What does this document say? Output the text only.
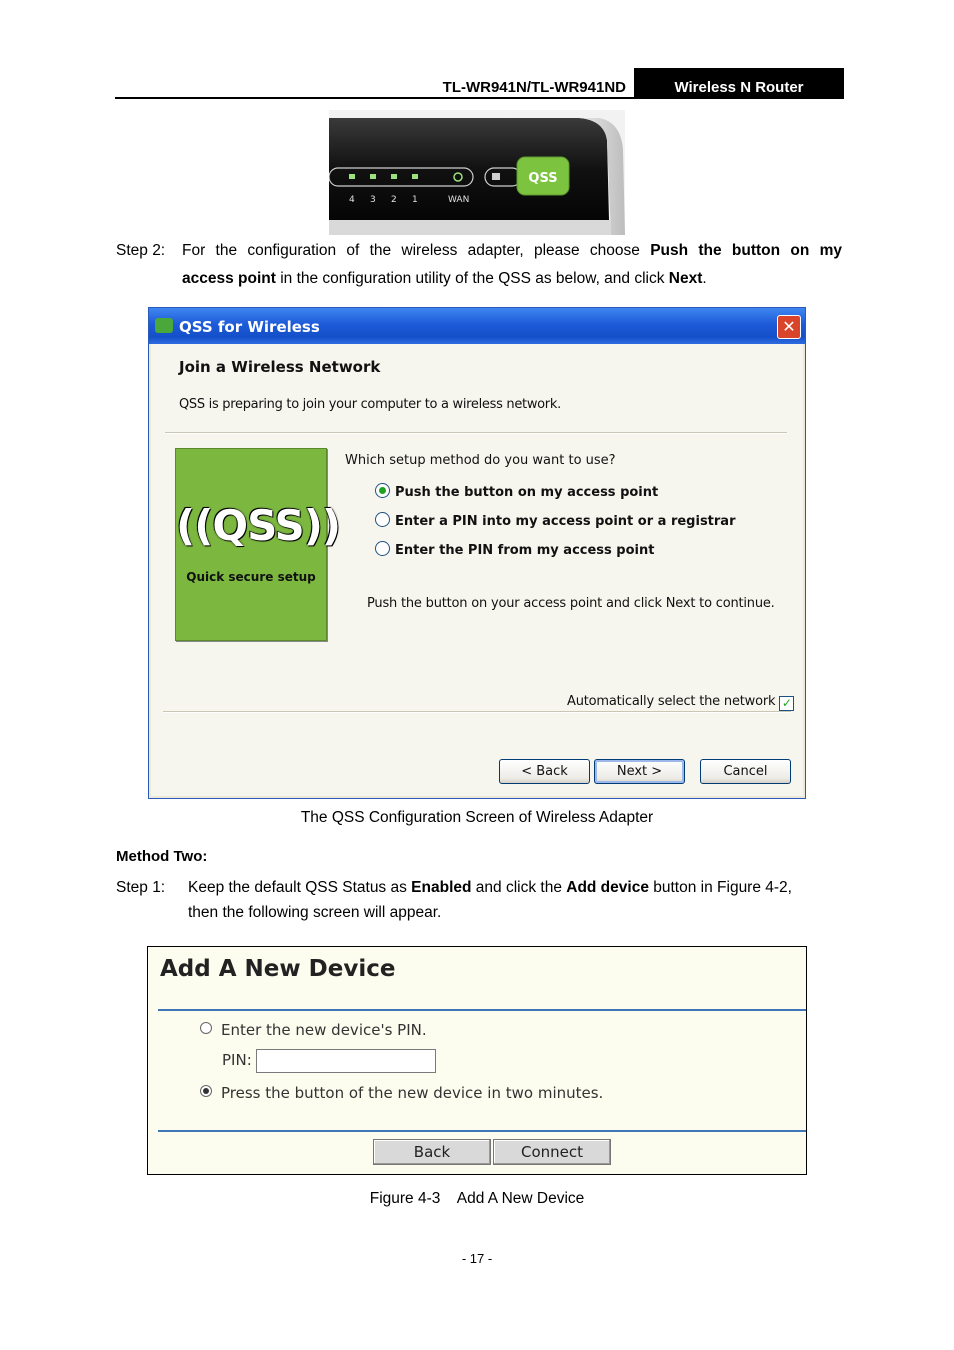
TL-WR941N/TL-WR941ND	Wireless N Router
4 3 2 1	WAN
QSS
Step 2: For the configuration of the wireless adapter, please choose Push the button on my
access point in the configuration utility of the QSS as below, and click Next.
QSS for Wireless	✕
Join a Wireless Network
QSS is preparing to join your computer to a wireless network.
((QSS))
Quick secure setup
Which setup method do you want to use?
Push the button on my access point
Enter a PIN into my access point or a registrar
Enter the PIN from my access point
Push the button on your access point and click Next to continue.
Automatically select the network ✓
< Back	Next >	Cancel
The QSS Configuration Screen of Wireless Adapter
Method Two:
Step 1: Keep the default QSS Status as Enabled and click the Add device button in Figure 4-2,
then the following screen will appear.
Add A New Device
Enter the new device's PIN.
PIN:
Press the button of the new device in two minutes.
Back	Connect
Figure 4-3    Add A New Device
- 17 -
